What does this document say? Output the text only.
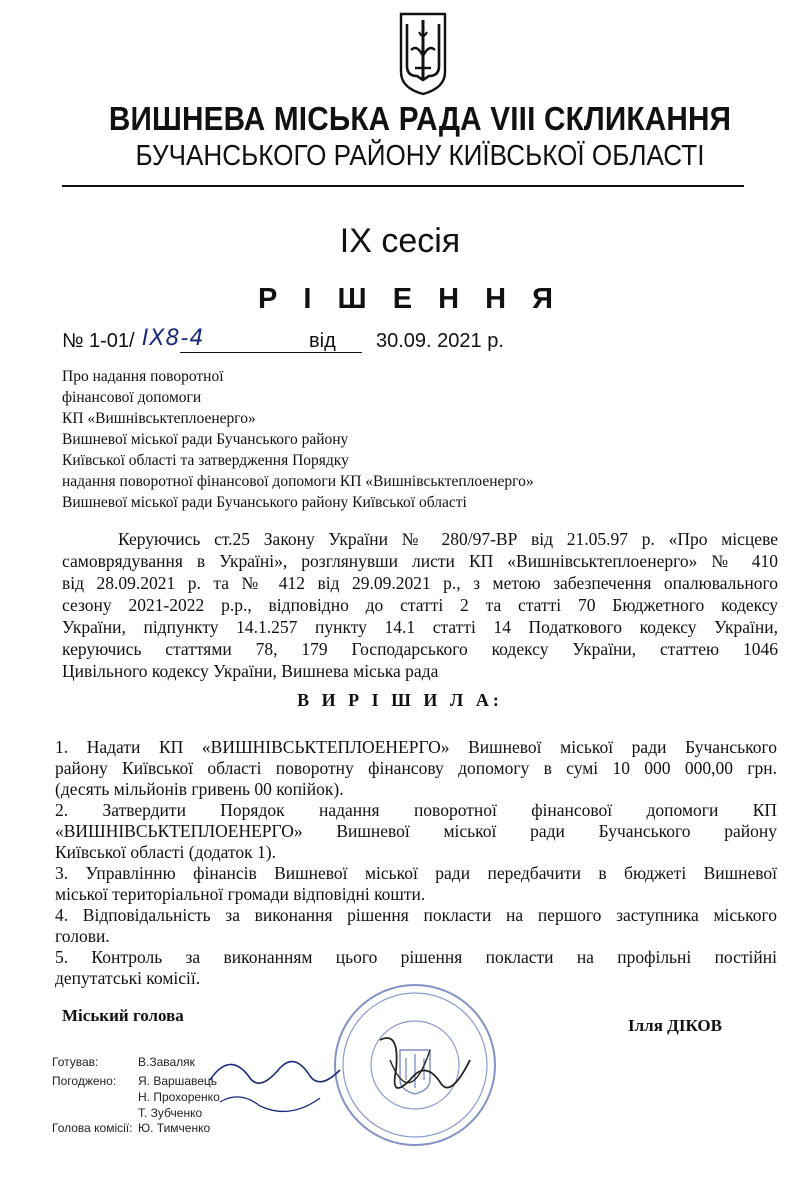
ВИШНЕВА МІСЬКА РАДА VIII СКЛИКАННЯ
БУЧАНСЬКОГО РАЙОНУ КИЇВСЬКОЇ ОБЛАСТІ
IX сесія
Р І Ш Е Н Н Я
№ 1-01/ IX8-4	від 30.09. 2021 р.
Про надання поворотної
фінансової допомоги
КП «Вишнівськтеплоенерго»
Вишневої міської ради Бучанського району
Київської області та затвердження Порядку
надання поворотної фінансової допомоги КП «Вишнівськтеплоенерго»
Вишневої міської ради Бучанського району Київської області
Керуючись ст.25 Закону України № 280/97-ВР від 21.05.97 р. «Про місцеве
самоврядування в Україні», розглянувши листи КП «Вишнівськтеплоенерго» № 410
від 28.09.2021 р. та № 412 від 29.09.2021 р., з метою забезпечення опалювального
сезону 2021-2022 р.р., відповідно до статті 2 та статті 70 Бюджетного кодексу
України, підпункту 14.1.257 пункту 14.1 статті 14 Податкового кодексу України,
керуючись статтями 78, 179 Господарського кодексу України, статтею 1046
Цивільного кодексу України, Вишнева міська рада
В И Р І Ш И Л А:
1. Надати КП «ВИШНІВСЬКТЕПЛОЕНЕРГО» Вишневої міської ради Бучанського
району Київської області поворотну фінансову допомогу в сумі 10 000 000,00 грн.
(десять мільйонів гривень 00 копійок).
2. Затвердити Порядок надання поворотної фінансової допомоги КП
«ВИШНІВСЬКТЕПЛОЕНЕРГО» Вишневої міської ради Бучанського району
Київської області (додаток 1).
3. Управлінню фінансів Вишневої міської ради передбачити в бюджеті Вишневої
міської територіальної громади відповідні кошти.
4. Відповідальність за виконання рішення покласти на першого заступника міського
голови.
5. Контроль за виконанням цього рішення покласти на профільні постійні
депутатські комісії.
Міський голова
Ілля ДІКОВ
Готував:	В.Заваляк
Погоджено: Я. Варшавець
Н. Прохоренко
Т. Зубченко
Голова комісії: Ю. Тимченко
